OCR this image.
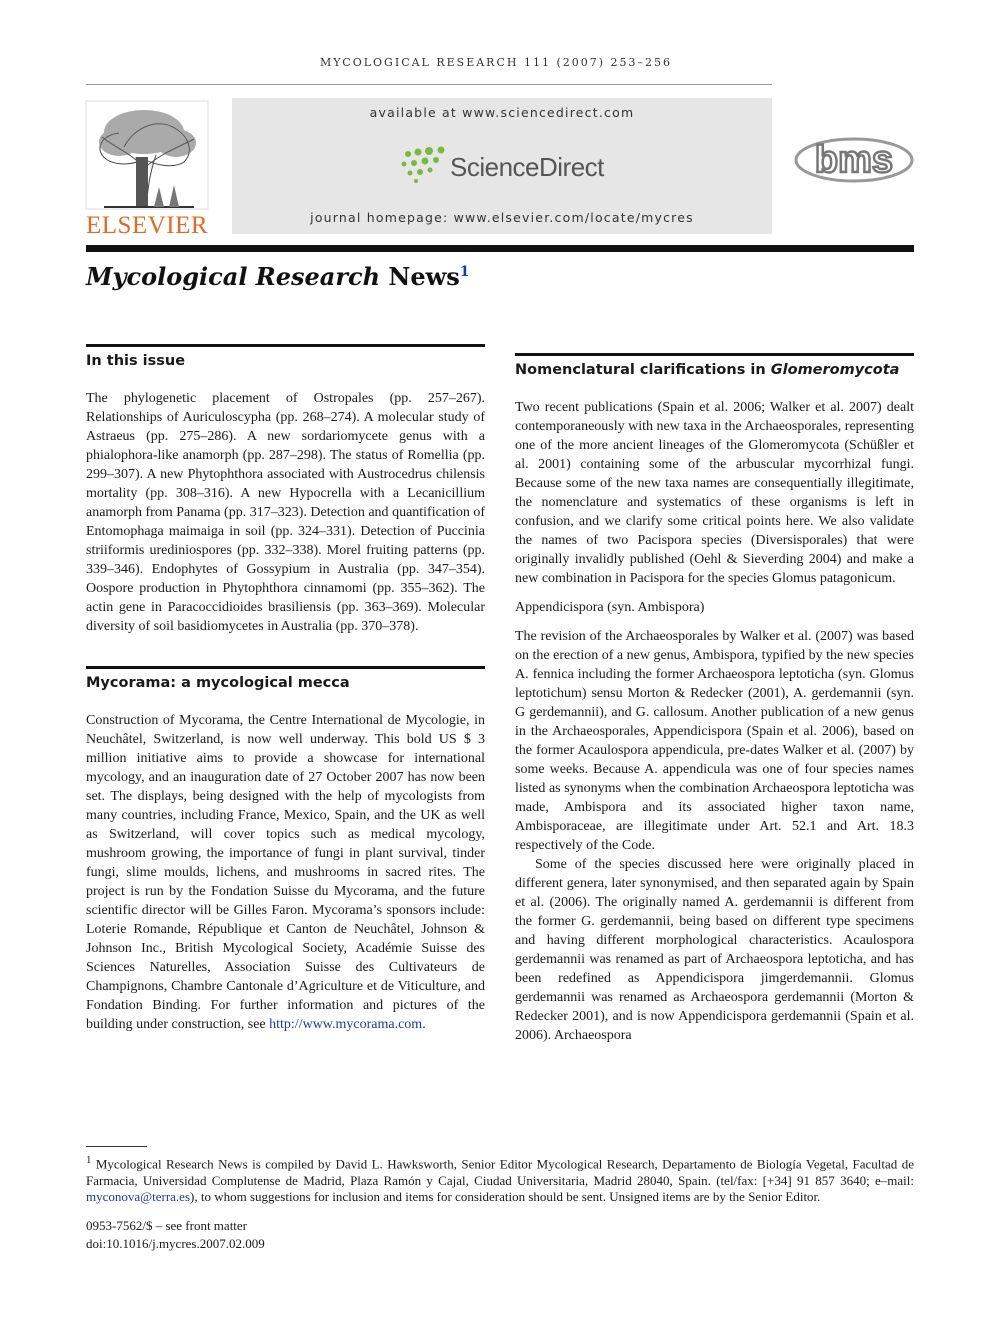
MYCOLOGICAL RESEARCH 111 (2007) 253–256
ELSEVIER
available at www.sciencedirect.com
ScienceDirect
journal homepage: www.elsevier.com/locate/mycres
bms
Mycological Research News$^1$
In this issue

The phylogenetic placement of Ostropales (pp. 257–267). Relationships of Auriculoscypha (pp. 268–274). A molecular study of Astraeus (pp. 275–286). A new sordariomycete genus with a phialophora-like anamorph (pp. 287–298). The status of Romellia (pp. 299–307). A new Phytophthora associated with Austrocedrus chilensis mortality (pp. 308–316). A new Hypocrella with a Lecanicillium anamorph from Panama (pp. 317–323). Detection and quantification of Entomophaga maimaiga in soil (pp. 324–331). Detection of Puccinia striiformis urediniospores (pp. 332–338). Morel fruiting patterns (pp. 339–346). Endophytes of Gossypium in Australia (pp. 347–354). Oospore production in Phytophthora cinnamomi (pp. 355–362). The actin gene in Paracoccidioides brasiliensis (pp. 363–369). Molecular diversity of soil basidiomycetes in Australia (pp. 370–378).

Mycorama: a mycological mecca

Construction of Mycorama, the Centre International de Mycologie, in Neuchâtel, Switzerland, is now well underway. This bold US $ 3 million initiative aims to provide a showcase for international mycology, and an inauguration date of 27 October 2007 has now been set. The displays, being designed with the help of mycologists from many countries, including France, Mexico, Spain, and the UK as well as Switzerland, will cover topics such as medical mycology, mushroom growing, the importance of fungi in plant survival, tinder fungi, slime moulds, lichens, and mushrooms in sacred rites. The project is run by the Fondation Suisse du Mycorama, and the future scientific director will be Gilles Faron. Mycorama’s sponsors include: Loterie Romande, République et Canton de Neuchâtel, Johnson & Johnson Inc., British Mycological Society, Académie Suisse des Sciences Naturelles, Association Suisse des Cultivateurs de Champignons, Chambre Cantonale d’Agriculture et de Viticulture, and Fondation Binding. For further information and pictures of the building under construction, see http://www.mycorama.com.

Nomenclatural clarifications in Glomeromycota

Two recent publications (Spain et al. 2006; Walker et al. 2007) dealt contemporaneously with new taxa in the Archaeosporales, representing one of the more ancient lineages of the Glomeromycota (Schüßler et al. 2001) containing some of the arbuscular mycorrhizal fungi. Because some of the new taxa names are consequentially illegitimate, the nomenclature and systematics of these organisms is left in confusion, and we clarify some critical points here. We also validate the names of two Pacispora species (Diversisporales) that were originally invalidly published (Oehl & Sieverding 2004) and make a new combination in Pacispora for the species Glomus patagonicum.

Appendicispora (syn. Ambispora)

The revision of the Archaeosporales by Walker et al. (2007) was based on the erection of a new genus, Ambispora, typified by the new species A. fennica including the former Archaeospora leptoticha (syn. Glomus leptotichum) sensu Morton & Redecker (2001), A. gerdemannii (syn. G gerdemannii), and G. callosum. Another publication of a new genus in the Archaeosporales, Appendicispora (Spain et al. 2006), based on the former Acaulospora appendicula, pre-dates Walker et al. (2007) by some weeks. Because A. appendicula was one of four species names listed as synonyms when the combination Archaeospora leptoticha was made, Ambispora and its associated higher taxon name, Ambisporaceae, are illegitimate under Art. 52.1 and Art. 18.3 respectively of the Code.

Some of the species discussed here were originally placed in different genera, later synonymised, and then separated again by Spain et al. (2006). The originally named A. gerdemannii is different from the former G. gerdemannii, being based on different type specimens and having different morphological characteristics. Acaulospora gerdemannii was renamed as part of Archaeospora leptoticha, and has been redefined as Appendicispora jimgerdemannii. Glomus gerdemannii was renamed as Archaeospora gerdemannii (Morton & Redecker 2001), and is now Appendicispora gerdemannii (Spain et al. 2006). Archaeospora

$^1$ Mycological Research News is compiled by David L. Hawksworth, Senior Editor Mycological Research, Departamento de Biología Vegetal, Facultad de Farmacia, Universidad Complutense de Madrid, Plaza Ramón y Cajal, Ciudad Universitaria, Madrid 28040, Spain. (tel/fax: [+34] 91 857 3640; e–mail: myconova@terra.es), to whom suggestions for inclusion and items for consideration should be sent. Unsigned items are by the Senior Editor.
0953-7562/$ – see front matter
doi:10.1016/j.mycres.2007.02.009
